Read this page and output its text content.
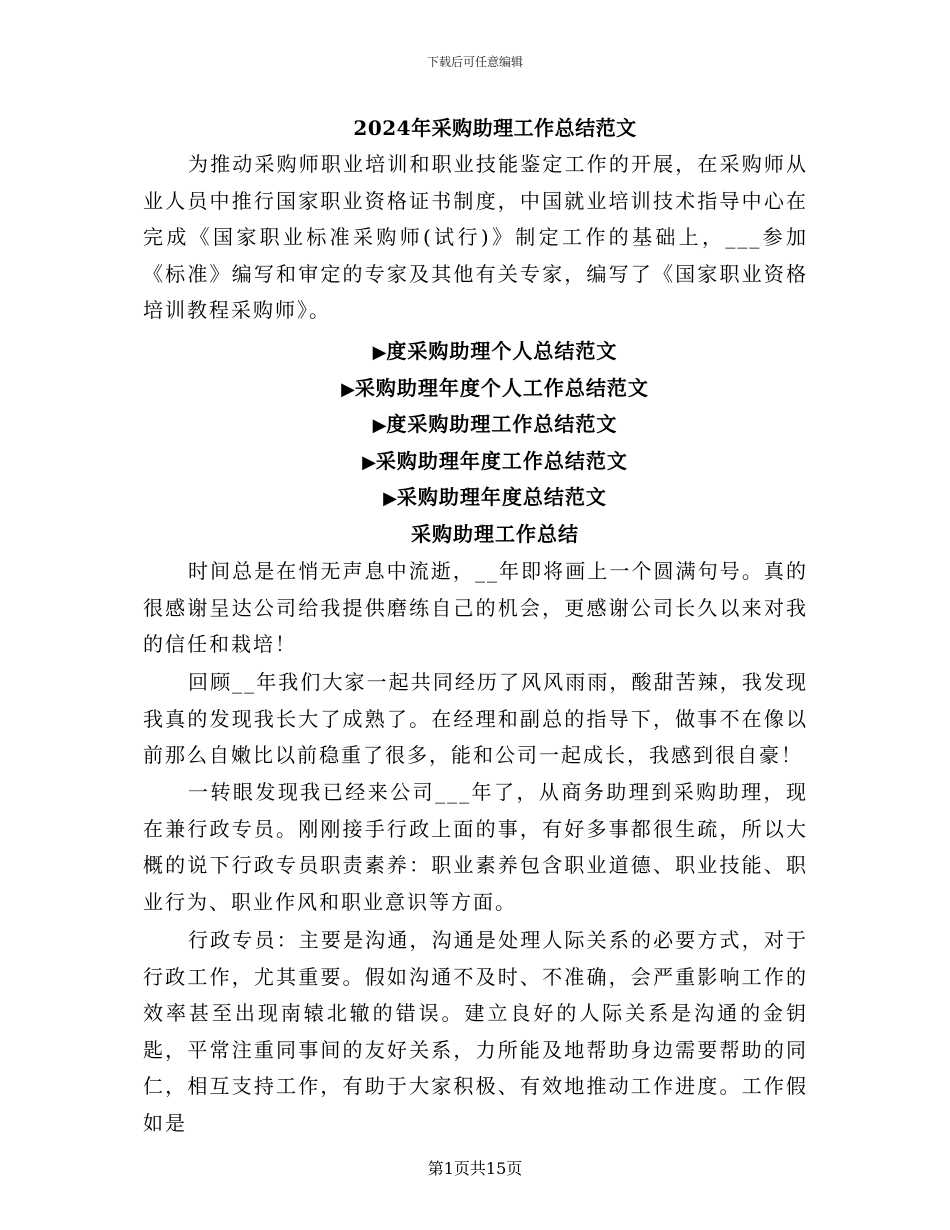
下载后可任意编辑
2024年采购助理工作总结范文

为推动采购师职业培训和职业技能鉴定工作的开展，在采购师从业人员中推行国家职业资格证书制度，中国就业培训技术指导中心在完成《国家职业标准采购师(试行)》制定工作的基础上，___参加《标准》编写和审定的专家及其他有关专家，编写了《国家职业资格培训教程采购师》。

▶度采购助理个人总结范文
▶采购助理年度个人工作总结范文
▶度采购助理工作总结范文
▶采购助理年度工作总结范文
▶采购助理年度总结范文
采购助理工作总结

时间总是在悄无声息中流逝，__年即将画上一个圆满句号。真的很感谢呈达公司给我提供磨练自己的机会，更感谢公司长久以来对我的信任和栽培！

回顾__年我们大家一起共同经历了风风雨雨，酸甜苦辣，我发现我真的发现我长大了成熟了。在经理和副总的指导下，做事不在像以前那么自嫩比以前稳重了很多，能和公司一起成长，我感到很自豪！

一转眼发现我已经来公司___年了，从商务助理到采购助理，现在兼行政专员。刚刚接手行政上面的事，有好多事都很生疏，所以大概的说下行政专员职责素养：职业素养包含职业道德、职业技能、职业行为、职业作风和职业意识等方面。

行政专员：主要是沟通，沟通是处理人际关系的必要方式，对于行政工作，尤其重要。假如沟通不及时、不准确，会严重影响工作的效率甚至出现南辕北辙的错误。建立良好的人际关系是沟通的金钥匙，平常注重同事间的友好关系，力所能及地帮助身边需要帮助的同仁，相互支持工作，有助于大家积极、有效地推动工作进度。工作假如是

第1页共15页
